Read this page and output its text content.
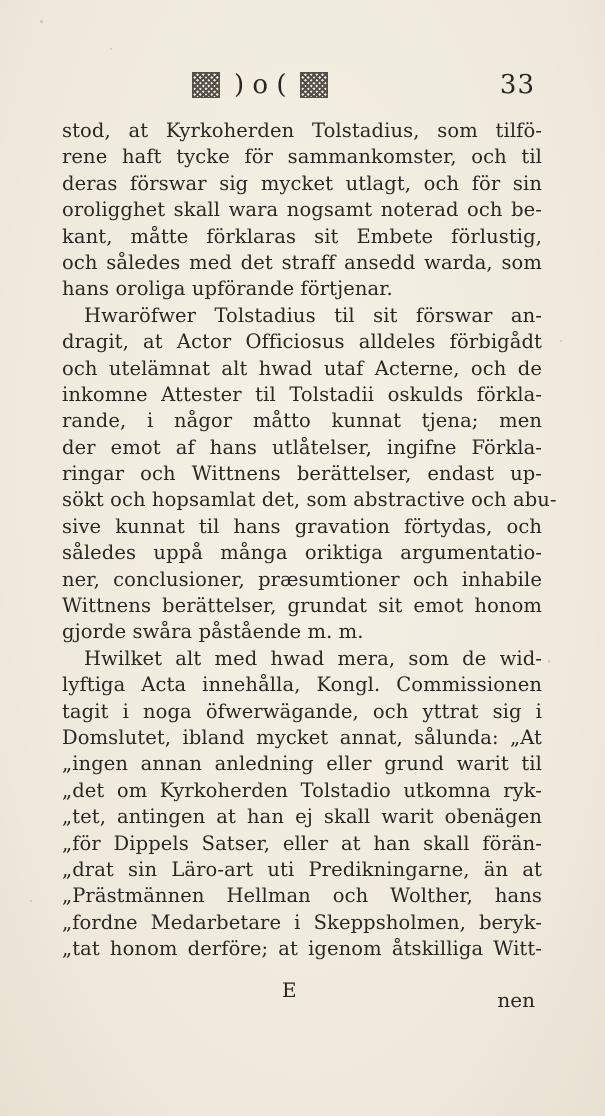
) o (	33
stod, at Kyrkoherden Tolstadius, som tilfö-
rene haft tycke för sammankomster, och til
deras förswar sig mycket utlagt, och för sin
oroligghet skall wara nogsamt noterad och be-
kant, måtte förklaras sit Embete förlustig,
och således med det straff ansedd warda, som
hans oroliga upförande förtjenar.
Hwaröfwer Tolstadius til sit förswar an-
dragit, at Actor Officiosus alldeles förbigådt
och utelämnat alt hwad utaf Acterne, och de
inkomne Attester til Tolstadii oskulds förkla-
rande, i någor måtto kunnat tjena; men
der emot af hans utlåtelser, ingifne Förkla-
ringar och Wittnens berättelser, endast up-
sökt och hopsamlat det, som abstractive och abu-
sive kunnat til hans gravation förtydas, och
således uppå många oriktiga argumentatio-
ner, conclusioner, præsumtioner och inhabile
Wittnens berättelser, grundat sit emot honom
gjorde swåra påstående m. m.
Hwilket alt med hwad mera, som de wid-
lyftiga Acta innehålla, Kongl. Commissionen
tagit i noga öfwerwägande, och yttrat sig i
Domslutet, ibland mycket annat, sålunda: „At
„ingen annan anledning eller grund warit til
„det om Kyrkoherden Tolstadio utkomna ryk-
„tet, antingen at han ej skall warit obenägen
„för Dippels Satser, eller at han skall förän-
„drat sin Läro-art uti Predikningarne, än at
„Prästmännen Hellman och Wolther, hans
„fordne Medarbetare i Skeppsholmen, beryk-
„tat honom derföre; at igenom åtskilliga Witt-
E	nen
